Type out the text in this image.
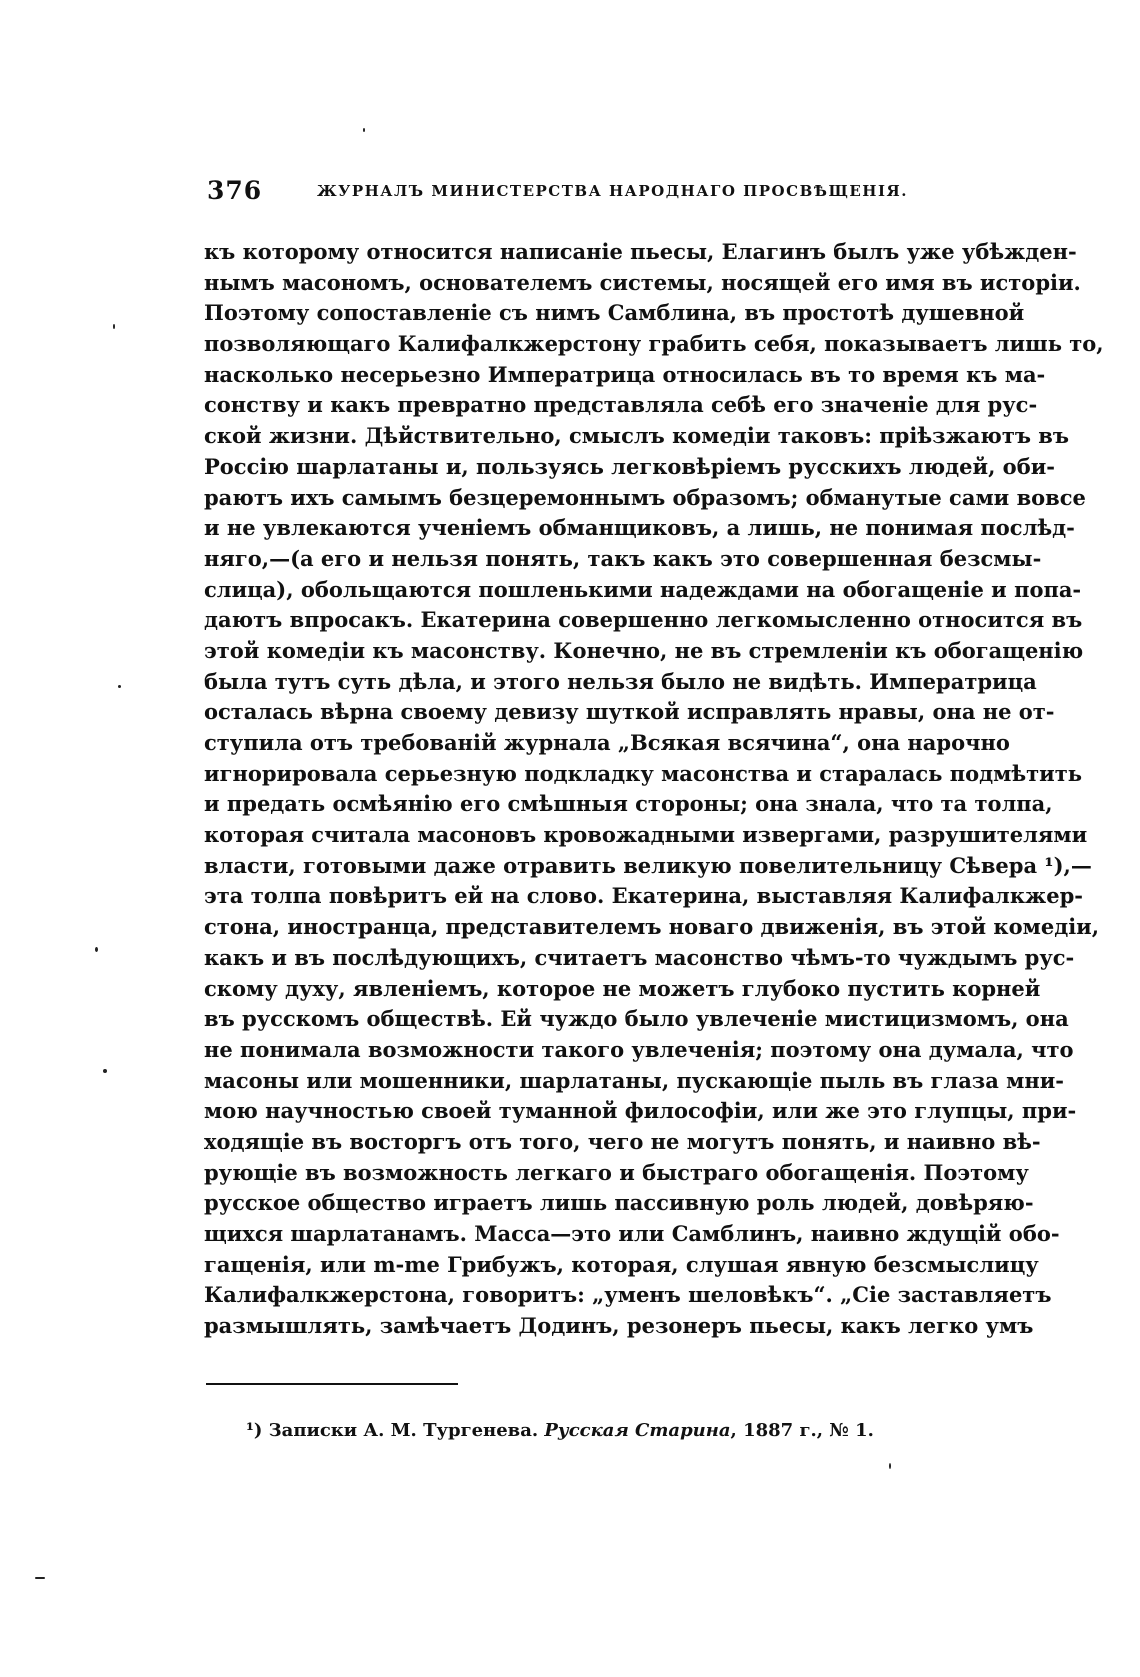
376	ЖУРНАЛЪ МИНИСТЕРСТВА НАРОДНАГО ПРОСВѢЩЕНІЯ.
къ которому относится написаніе пьесы, Елагинъ былъ уже убѣжден-
нымъ масономъ, основателемъ системы, носящей его имя въ исторіи.
Поэтому сопоставленіе съ нимъ Самблина, въ простотѣ душевной
позволяющаго Калифалкжерстону грабить себя, показываетъ лишь то,
насколько несерьезно Императрица относилась въ то время къ ма-
сонству и какъ превратно представляла себѣ его значеніе для рус-
ской жизни. Дѣйствительно, смыслъ комедіи таковъ: пріѣзжаютъ въ
Россію шарлатаны и, пользуясь легковѣріемъ русскихъ людей, оби-
раютъ ихъ самымъ безцеремоннымъ образомъ; обманутые сами вовсе
и не увлекаются ученіемъ обманщиковъ, а лишь, не понимая послѣд-
няго,—(а его и нельзя понять, такъ какъ это совершенная безсмы-
слица), обольщаются пошленькими надеждами на обогащеніе и попа-
даютъ впросакъ. Екатерина совершенно легкомысленно относится въ
этой комедіи къ масонству. Конечно, не въ стремленіи къ обогащенію
была тутъ суть дѣла, и этого нельзя было не видѣть. Императрица
осталась вѣрна своему девизу шуткой исправлять нравы, она не от-
ступила отъ требованій журнала „Всякая всячина“, она нарочно
игнорировала серьезную подкладку масонства и старалась подмѣтить
и предать осмѣянію его смѣшныя стороны; она знала, что та толпа,
которая считала масоновъ кровожадными извергами, разрушителями
власти, готовыми даже отравить великую повелительницу Сѣвера ¹),—
эта толпа повѣритъ ей на слово. Екатерина, выставляя Калифалкжер-
стона, иностранца, представителемъ новаго движенія, въ этой комедіи,
какъ и въ послѣдующихъ, считаетъ масонство чѣмъ-то чуждымъ рус-
скому духу, явленіемъ, которое не можетъ глубоко пустить корней
въ русскомъ обществѣ. Ей чуждо было увлеченіе мистицизмомъ, она
не понимала возможности такого увлеченія; поэтому она думала, что
масоны или мошенники, шарлатаны, пускающіе пыль въ глаза мни-
мою научностью своей туманной философіи, или же это глупцы, при-
ходящіе въ восторгъ отъ того, чего не могутъ понять, и наивно вѣ-
рующіе въ возможность легкаго и быстраго обогащенія. Поэтому
русское общество играетъ лишь пассивную роль людей, довѣряю-
щихся шарлатанамъ. Масса—это или Самблинъ, наивно ждущій обо-
гащенія, или m-me Грибужъ, которая, слушая явную безсмыслицу
Калифалкжерстона, говоритъ: „уменъ шеловѣкъ“. „Сіе заставляетъ
размышлять, замѣчаетъ Додинъ, резонеръ пьесы, какъ легко умъ
¹) Записки А. М. Тургенева. Русская Старина, 1887 г., № 1.
